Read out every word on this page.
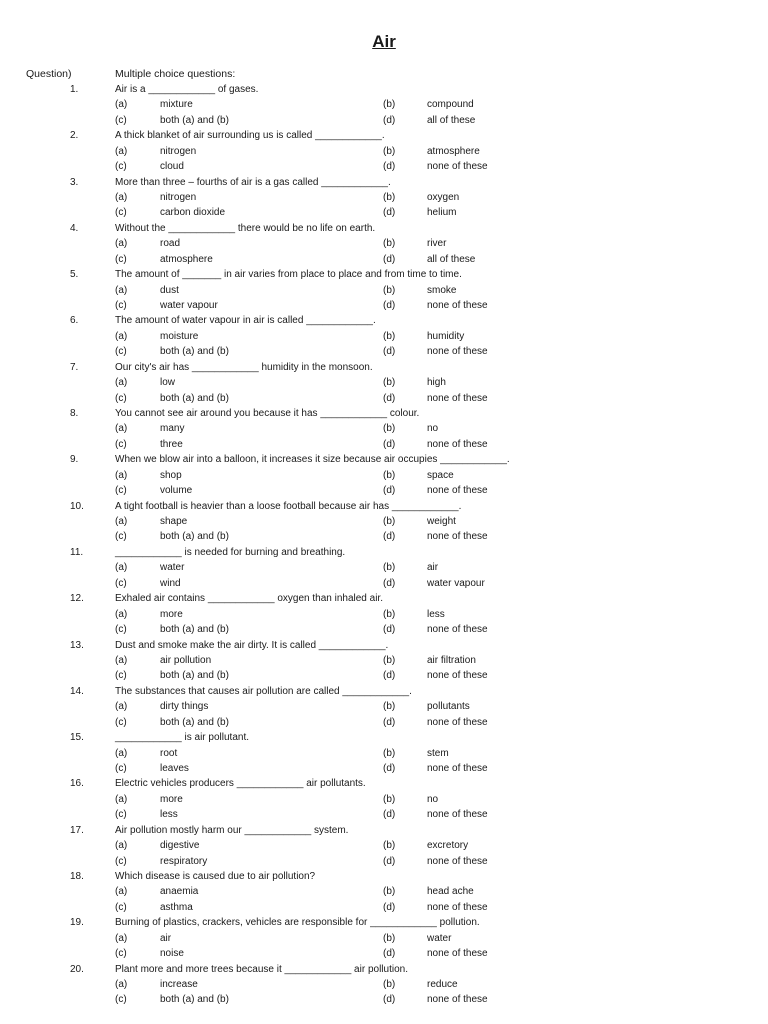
Air
Question)	Multiple choice questions:
1.	Air is a ____________ of gases.
(a)	mixture	(b)	compound
(c)	both (a) and (b)	(d)	all of these
2.	A thick blanket of air surrounding us is called ____________.
(a)	nitrogen	(b)	atmosphere
(c)	cloud	(d)	none of these
3.	More than three – fourths of air is a gas called ____________.
(a)	nitrogen	(b)	oxygen
(c)	carbon dioxide	(d)	helium
4.	Without the ____________ there would be no life on earth.
(a)	road	(b)	river
(c)	atmosphere	(d)	all of these
5.	The amount of _______ in air varies from place to place and from time to time.
(a)	dust	(b)	smoke
(c)	water vapour	(d)	none of these
6.	The amount of water vapour in air is called ____________.
(a)	moisture	(b)	humidity
(c)	both (a) and (b)	(d)	none of these
7.	Our city's air has ____________ humidity in the monsoon.
(a)	low	(b)	high
(c)	both (a) and (b)	(d)	none of these
8.	You cannot see air around you because it has ____________ colour.
(a)	many	(b)	no
(c)	three	(d)	none of these
9.	When we blow air into a balloon, it increases it size because air occupies ____________.
(a)	shop	(b)	space
(c)	volume	(d)	none of these
10.	A tight football is heavier than a loose football because air has ____________.
(a)	shape	(b)	weight
(c)	both (a) and (b)	(d)	none of these
11.	____________ is needed for burning and breathing.
(a)	water	(b)	air
(c)	wind	(d)	water vapour
12.	Exhaled air contains ____________ oxygen than inhaled air.
(a)	more	(b)	less
(c)	both (a) and (b)	(d)	none of these
13.	Dust and smoke make the air dirty. It is called ____________.
(a)	air pollution	(b)	air filtration
(c)	both (a) and (b)	(d)	none of these
14.	The substances that causes air pollution are called ____________.
(a)	dirty things	(b)	pollutants
(c)	both (a) and (b)	(d)	none of these
15.	____________ is air pollutant.
(a)	root	(b)	stem
(c)	leaves	(d)	none of these
16.	Electric vehicles producers ____________ air pollutants.
(a)	more	(b)	no
(c)	less	(d)	none of these
17.	Air pollution mostly harm our ____________ system.
(a)	digestive	(b)	excretory
(c)	respiratory	(d)	none of these
18.	Which disease is caused due to air pollution?
(a)	anaemia	(b)	head ache
(c)	asthma	(d)	none of these
19.	Burning of plastics, crackers, vehicles are responsible for ____________ pollution.
(a)	air	(b)	water
(c)	noise	(d)	none of these
20.	Plant more and more trees because it ____________ air pollution.
(a)	increase	(b)	reduce
(c)	both (a) and (b)	(d)	none of these
